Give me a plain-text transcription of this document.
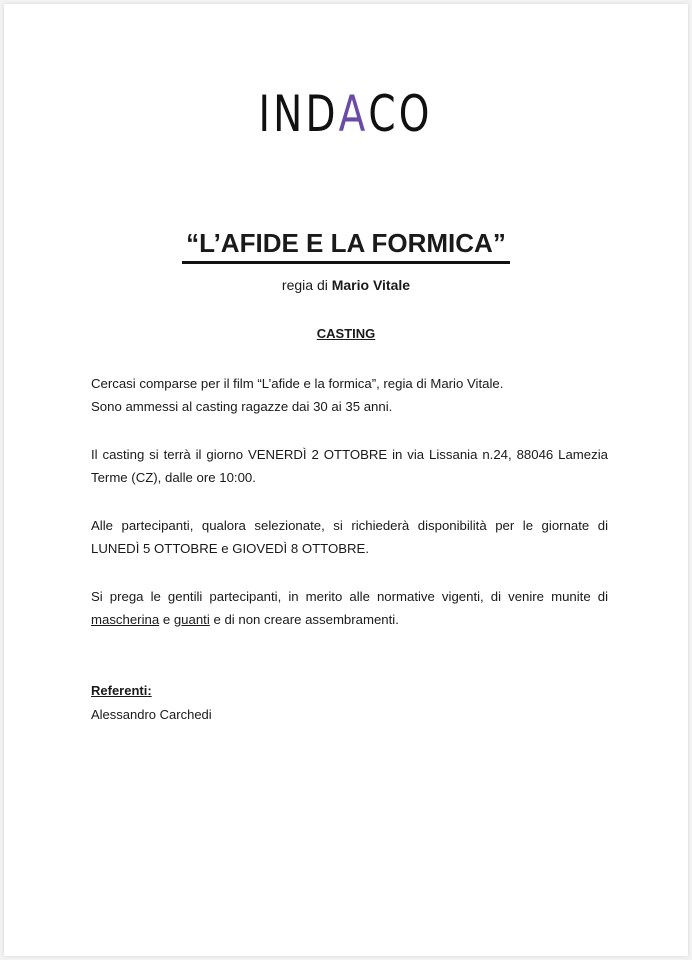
INDACO
“L’AFIDE E LA FORMICA”
regia di Mario Vitale
CASTING
Cercasi comparse per il film “L’afide e la formica”, regia di Mario Vitale.
Sono ammessi al casting ragazze dai 30 ai 35 anni.
Il casting si terrà il giorno VENERDÌ 2 OTTOBRE in via Lissania n.24, 88046 Lamezia Terme (CZ), dalle ore 10:00.
Alle partecipanti, qualora selezionate, si richiederà disponibilità per le giornate di LUNEDÌ 5 OTTOBRE e GIOVEDÌ 8 OTTOBRE.
Si prega le gentili partecipanti, in merito alle normative vigenti, di venire munite di mascherina e guanti e di non creare assembramenti.
Referenti:
Alessandro Carchedi
